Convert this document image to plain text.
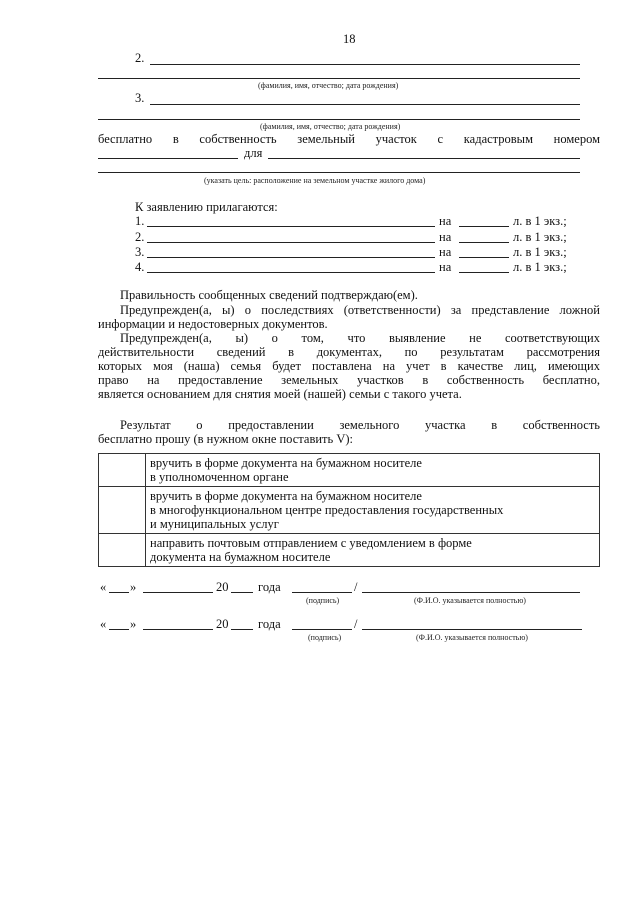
18
2.
(фамилия, имя, отчество; дата рождения)
3.
(фамилия, имя, отчество; дата рождения)
бесплатно в собственность земельный участок с кадастровым номером
для
(указать цель: расположение на земельном участке жилого дома)
К заявлению прилагаются:
1.	на	л. в 1 экз.;
2.	на	л. в 1 экз.;
3.	на	л. в 1 экз.;
4.	на	л. в 1 экз.;
Правильность сообщенных сведений подтверждаю(ем).
Предупрежден(а, ы) о последствиях (ответственности) за представление ложной информации и недостоверных документов.
Предупрежден(а, ы) о том, что выявление не соответствующих
действительности сведений в документах, по результатам рассмотрения
которых моя (наша) семья будет поставлена на учет в качестве лиц, имеющих
право на предоставление земельных участков в собственность бесплатно,
является основанием для снятия моей (нашей) семьи с такого учета.
Результат о предоставлении земельного участка в собственность
бесплатно прошу (в нужном окне поставить V):

	вручить в форме документа на бумажном носителе
в уполномоченном органе

	вручить в форме документа на бумажном носителе
в многофункциональном центре предоставления государственных
и муниципальных услуг

	направить почтовым отправлением с уведомлением в форме
документа на бумажном носителе
« »	20 года	/
(подпись)	(Ф.И.О. указывается полностью)
« »	20 года	/
(подпись)	(Ф.И.О. указывается полностью)
